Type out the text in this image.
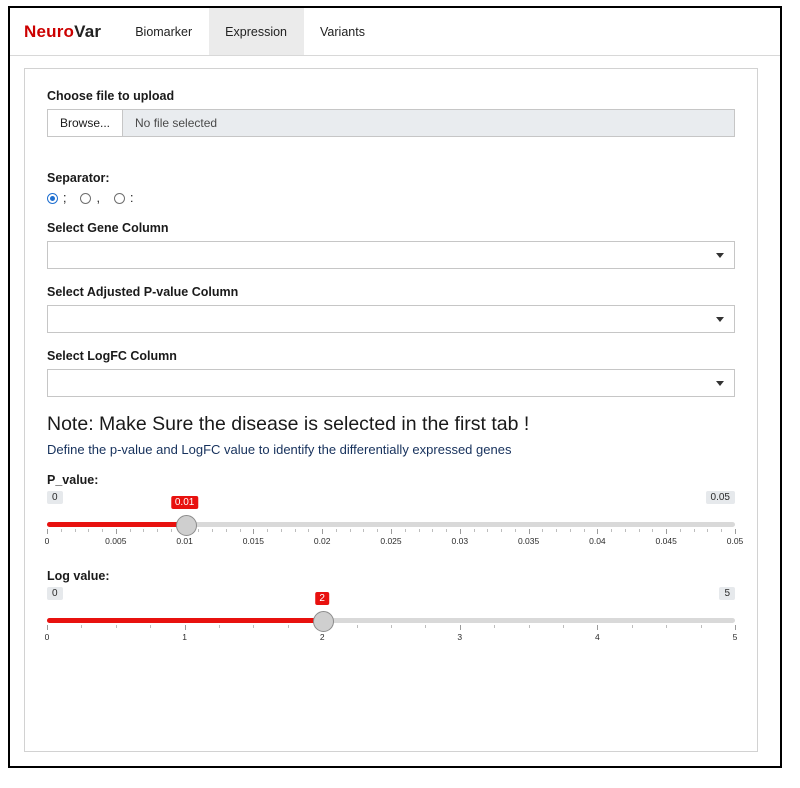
Neuro Var	Biomarker	Expression	Variants
Choose file to upload
Browse...	No file selected
Separator:
; , :
Select Gene Column
Select Adjusted P-value Column
Select LogFC Column
Note: Make Sure the disease is selected in the first tab !
Define the p-value and LogFC value to identify the differentially expressed genes
P_value:
0	0.05
0	0.005	0.01	0.015	0.02	0.025	0.03	0.035	0.04	0.045	0.05
0.01
Log value:
0	5
0	1	2	3	4	5
2
